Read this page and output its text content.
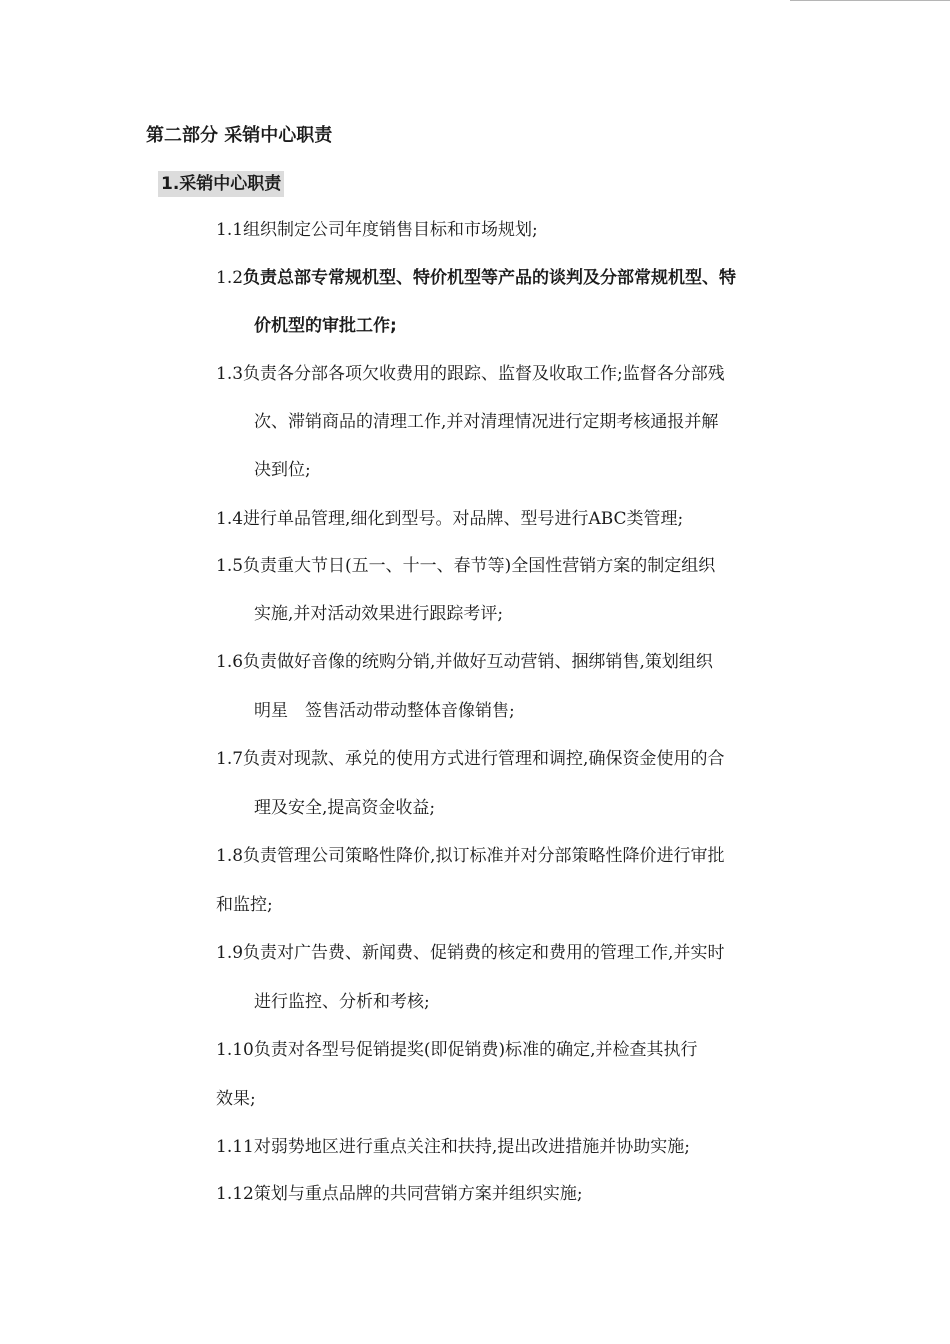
第二部分 采销中心职责
1.采销中心职责
1.1组织制定公司年度销售目标和市场规划;
1.2负责总部专常规机型、特价机型等产品的谈判及分部常规机型、特
价机型的审批工作;
1.3负责各分部各项欠收费用的跟踪、监督及收取工作;监督各分部残
次、滞销商品的清理工作,并对清理情况进行定期考核通报并解
决到位;
1.4进行单品管理,细化到型号。对品牌、型号进行ABC类管理;
1.5负责重大节日(五一、十一、春节等)全国性营销方案的制定组织
实施,并对活动效果进行跟踪考评;
1.6负责做好音像的统购分销,并做好互动营销、捆绑销售,策划组织
明星　签售活动带动整体音像销售;
1.7负责对现款、承兑的使用方式进行管理和调控,确保资金使用的合
理及安全,提高资金收益;
1.8负责管理公司策略性降价,拟订标准并对分部策略性降价进行审批
和监控;
1.9负责对广告费、新闻费、促销费的核定和费用的管理工作,并实时
进行监控、分析和考核;
1.10负责对各型号促销提奖(即促销费)标准的确定,并检查其执行
效果;
1.11对弱势地区进行重点关注和扶持,提出改进措施并协助实施;
1.12策划与重点品牌的共同营销方案并组织实施;
